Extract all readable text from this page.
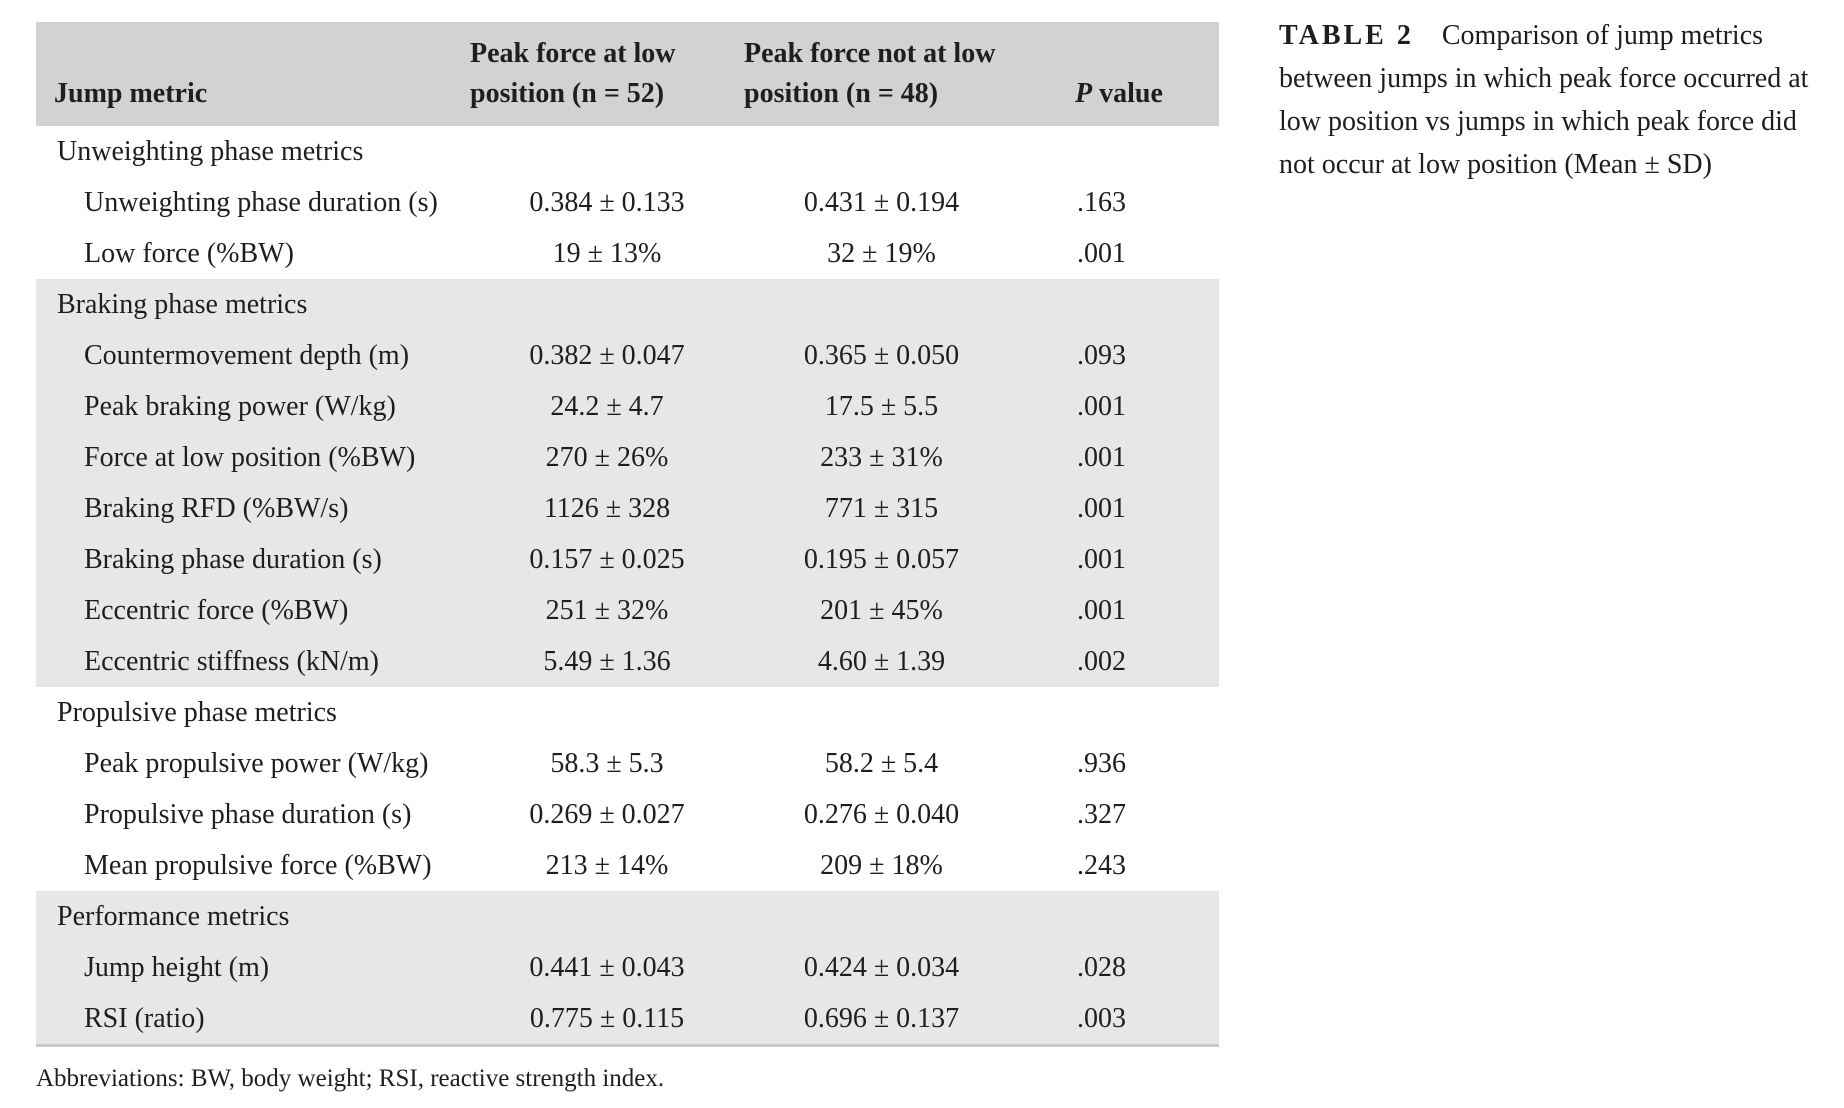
Jump metric	Peak force at low position (n = 52)	Peak force not at low position (n = 48)	P value
Unweighting phase metrics			
Unweighting phase duration (s)	0.384 ± 0.133	0.431 ± 0.194	.163
Low force (%BW)	19 ± 13%	32 ± 19%	.001
Braking phase metrics			
Countermovement depth (m)	0.382 ± 0.047	0.365 ± 0.050	.093
Peak braking power (W/kg)	24.2 ± 4.7	17.5 ± 5.5	.001
Force at low position (%BW)	270 ± 26%	233 ± 31%	.001
Braking RFD (%BW/s)	1126 ± 328	771 ± 315	.001
Braking phase duration (s)	0.157 ± 0.025	0.195 ± 0.057	.001
Eccentric force (%BW)	251 ± 32%	201 ± 45%	.001
Eccentric stiffness (kN/m)	5.49 ± 1.36	4.60 ± 1.39	.002
Propulsive phase metrics			
Peak propulsive power (W/kg)	58.3 ± 5.3	58.2 ± 5.4	.936
Propulsive phase duration (s)	0.269 ± 0.027	0.276 ± 0.040	.327
Mean propulsive force (%BW)	213 ± 14%	209 ± 18%	.243
Performance metrics			
Jump height (m)	0.441 ± 0.043	0.424 ± 0.034	.028
RSI (ratio)	0.775 ± 0.115	0.696 ± 0.137	.003
Abbreviations: BW, body weight; RSI, reactive strength index.
TABLE 2 Comparison of jump metrics between jumps in which peak force occurred at low position vs jumps in which peak force did not occur at low position (Mean ± SD)
